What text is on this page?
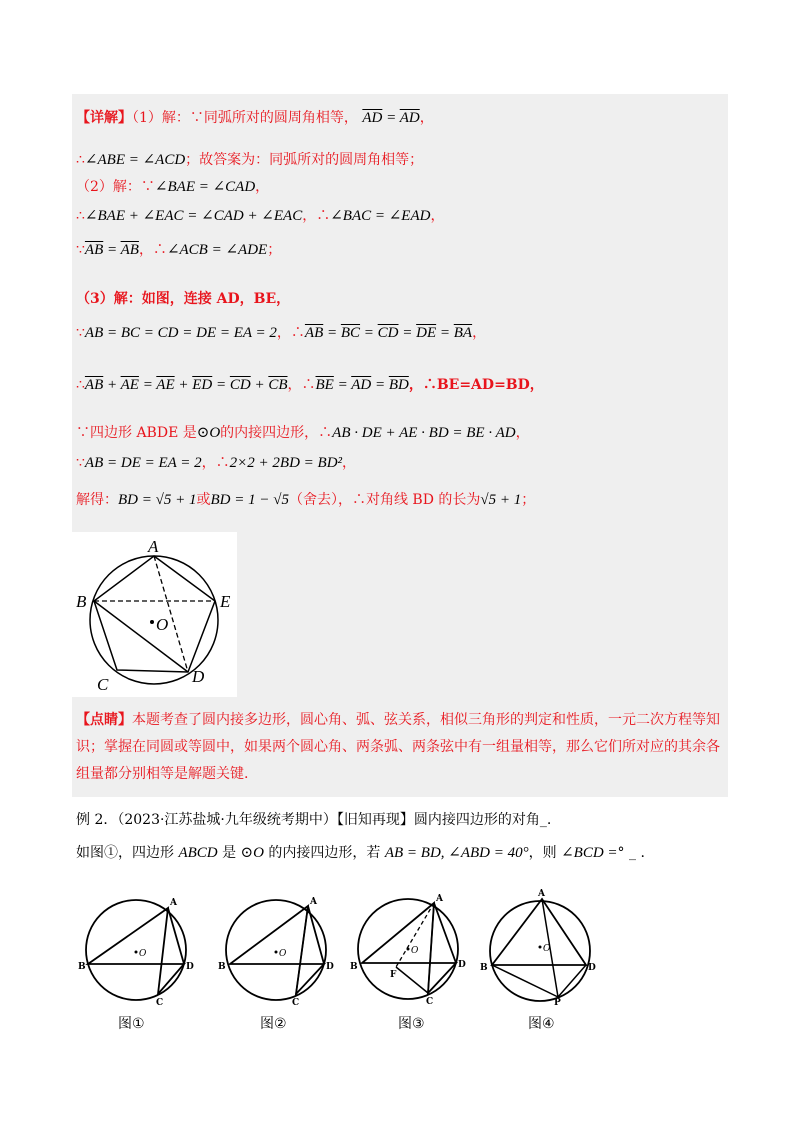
【详解】（1）解：∵同弧所对的圆周角相等， $\overline{AD} = \overline{AD}$，
∴∠ABE = ∠ACD；故答案为：同弧所对的圆周角相等；
（2）解：∵∠BAE = ∠CAD，
∴∠BAE + ∠EAC = ∠CAD + ∠EAC，∴∠BAC = ∠EAD，
$\because\overline{AB} = \overline{AB}$，∴∠ACB = ∠ADE；
（3）解：如图，连接 AD，BE，
∵AB = BC = CD = DE = EA = 2，$\therefore\overline{AB} = \overline{BC} = \overline{CD} = \overline{DE} = \overline{BA}$，
$\therefore\overline{AB} + \overline{AE} = \overline{AE} + \overline{ED} = \overline{CD} + \overline{CB}$，$\therefore\overline{BE} = \overline{AD} = \overline{BD}$，∴BE=AD=BD，
∵四边形 ABDE 是⊙O的内接四边形，∴AB · DE + AE · BD = BE · AD，
∵AB = DE = EA = 2，∴2×2 + 2BD = BD²，
解得：BD = √5 + 1或BD = 1 − √5（舍去），∴对角线 BD 的长为√5 + 1；
A
B	E
C	D
O
【点睛】本题考查了圆内接多边形，圆心角、弧、弦关系，相似三角形的判定和性质，一元二次方程等知识；掌握在同圆或等圆中，如果两个圆心角、两条弧、两条弦中有一组量相等，那么它们所对应的其余各组量都分别相等是解题关键.
例 2．（2023·江苏盐城·九年级统考期中）【旧知再现】圆内接四边形的对角_.
如图①，四边形 ABCD 是 ⊙O 的内接四边形，若 AB = BD, ∠ABD = 40°，则 ∠BCD =° _ .
A
B	D
C
O
图①
A
B	D
C
O
图②
A
B	D
C
O
F
图③
A
B	D
P
O
图④
